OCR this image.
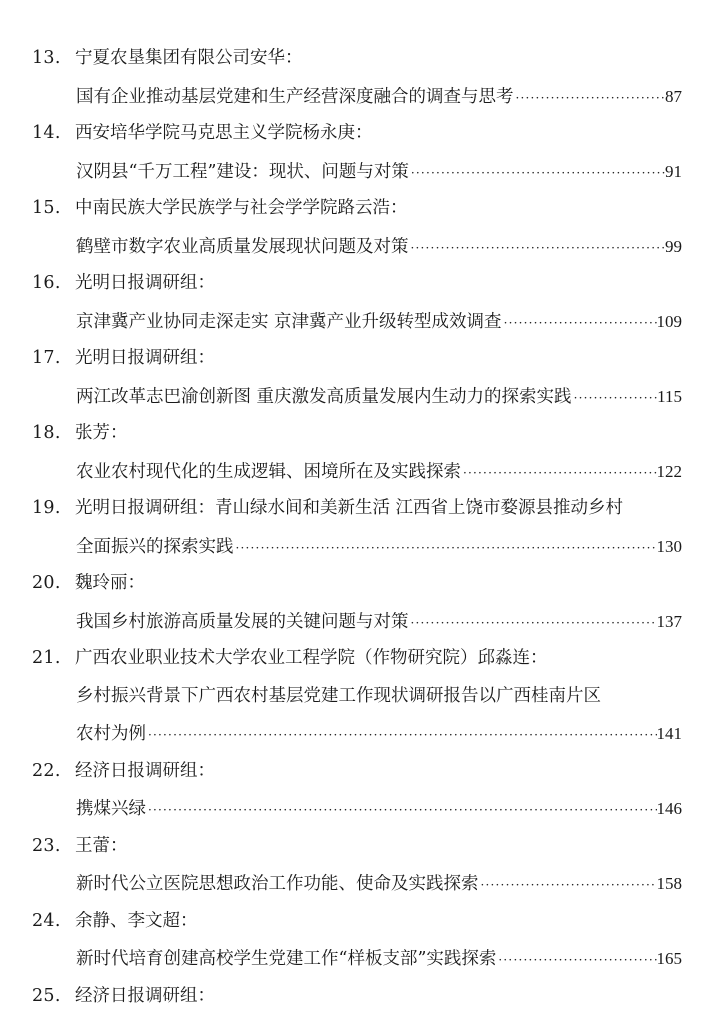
13. 宁夏农垦集团有限公司安华：
国有企业推动基层党建和生产经营深度融合的调查与思考 ·····	87
14. 西安培华学院马克思主义学院杨永庚：
汉阴县“千万工程”建设：现状、问题与对策 ·····	91
15. 中南民族大学民族学与社会学学院路云浩：
鹤壁市数字农业高质量发展现状问题及对策 ·····	99
16. 光明日报调研组：
京津冀产业协同走深走实 京津冀产业升级转型成效调查 ·····	109
17. 光明日报调研组：
两江改革志巴渝创新图 重庆激发高质量发展内生动力的探索实践 ·····	115
18. 张芳：
农业农村现代化的生成逻辑、困境所在及实践探索 ·····	122
19. 光明日报调研组：青山绿水间和美新生活 江西省上饶市婺源县推动乡村
全面振兴的探索实践 ·····	130
20. 魏玲丽：
我国乡村旅游高质量发展的关键问题与对策 ·····	137
21. 广西农业职业技术大学农业工程学院（作物研究院）邱淼连：
乡村振兴背景下广西农村基层党建工作现状调研报告以广西桂南片区
农村为例 ·····	141
22. 经济日报调研组：
携煤兴绿 ·····	146
23. 王蕾：
新时代公立医院思想政治工作功能、使命及实践探索 ·····	158
24. 余静、李文超：
新时代培育创建高校学生党建工作“样板支部”实践探索 ·····	165
25. 经济日报调研组：
